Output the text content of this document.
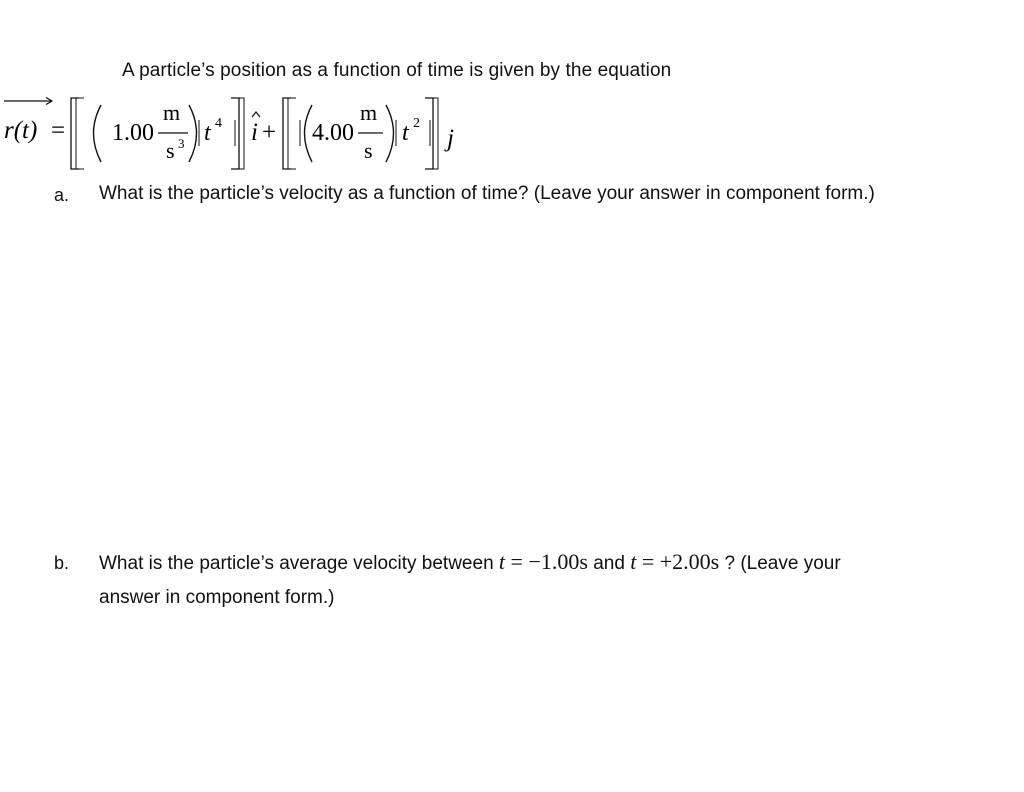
A particle’s position as a function of time is given by the equation
r(t) = 1.00
m
s 3 t 4 i + 4.00
m
s
t 2
j
a. What is the particle’s velocity as a function of time? (Leave your answer in component form.)
b. What is the particle’s average velocity between t = −1.00s and t = +2.00s ? (Leave your
answer in component form.)
